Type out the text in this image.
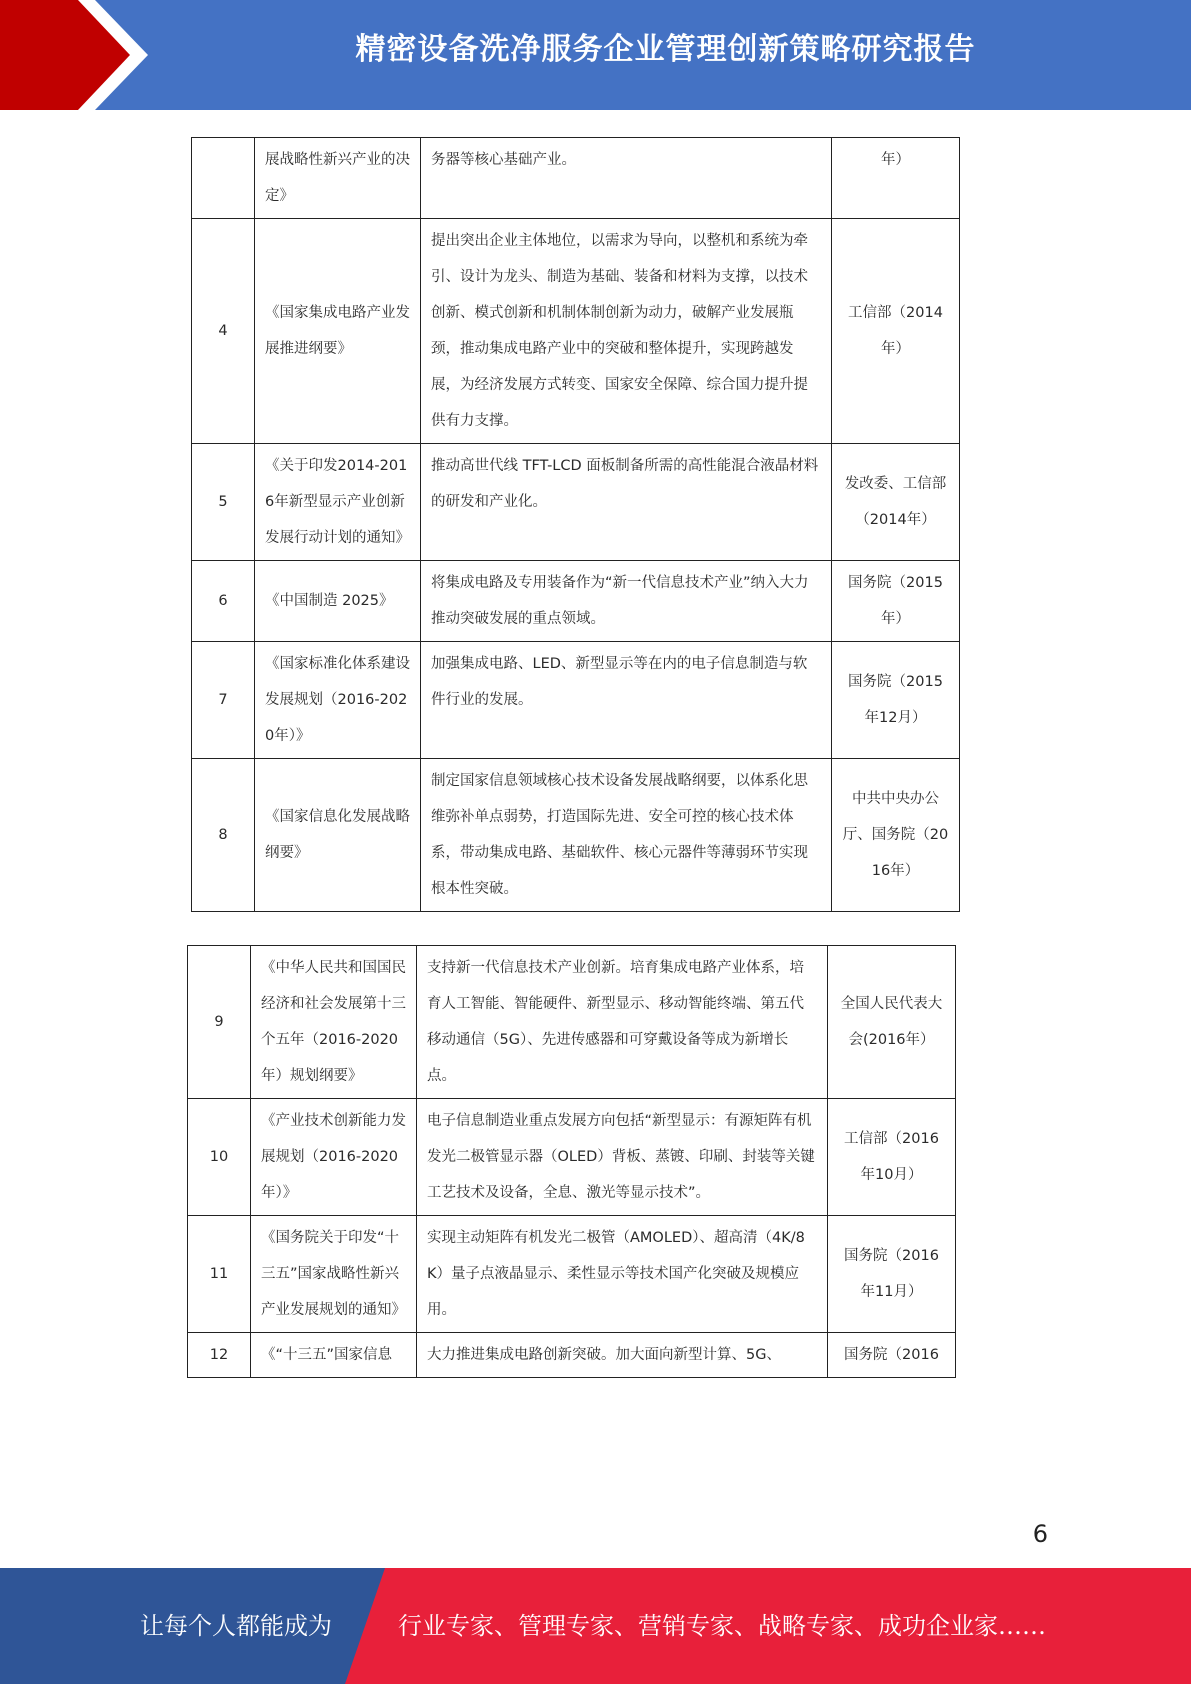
精密设备洗净服务企业管理创新策略研究报告
	展战略性新兴产业的决定》	务器等核心基础产业。	年）
4	《国家集成电路产业发展推进纲要》	提出突出企业主体地位，以需求为导向，以整机和系统为牵引、设计为龙头、制造为基础、装备和材料为支撑，以技术创新、模式创新和机制体制创新为动力，破解产业发展瓶颈，推动集成电路产业中的突破和整体提升，实现跨越发展，为经济发展方式转变、国家安全保障、综合国力提升提供有力支撑。	工信部（2014年）
5	《关于印发2014-2016年新型显示产业创新发展行动计划的通知》	推动高世代线 TFT-LCD 面板制备所需的高性能混合液晶材料的研发和产业化。	发改委、工信部（2014年）
6	《中国制造 2025》	将集成电路及专用装备作为“新一代信息技术产业”纳入大力推动突破发展的重点领域。	国务院（2015年）
7	《国家标准化体系建设发展规划（2016-2020年）》	加强集成电路、LED、新型显示等在内的电子信息制造与软件行业的发展。	国务院（2015年12月）
8	《国家信息化发展战略纲要》	制定国家信息领域核心技术设备发展战略纲要，以体系化思维弥补单点弱势，打造国际先进、安全可控的核心技术体系，带动集成电路、基础软件、核心元器件等薄弱环节实现根本性突破。	中共中央办公厅、国务院（2016年）
9	《中华人民共和国国民经济和社会发展第十三个五年（2016-2020年）规划纲要》	支持新一代信息技术产业创新。培育集成电路产业体系，培育人工智能、智能硬件、新型显示、移动智能终端、第五代移动通信（5G）、先进传感器和可穿戴设备等成为新增长点。	全国人民代表大会(2016年）
10	《产业技术创新能力发展规划（2016-2020年）》	电子信息制造业重点发展方向包括“新型显示：有源矩阵有机发光二极管显示器（OLED）背板、蒸镀、印刷、封装等关键工艺技术及设备，全息、激光等显示技术”。	工信部（2016年10月）
11	《国务院关于印发“十三五”国家战略性新兴产业发展规划的通知》	实现主动矩阵有机发光二极管（AMOLED）、超高清（4K/8K）量子点液晶显示、柔性显示等技术国产化突破及规模应用。	国务院（2016年11月）
12	《“十三五”国家信息	大力推进集成电路创新突破。加大面向新型计算、5G、	国务院（2016
6
让每个人都能成为	行业专家、管理专家、营销专家、战略专家、成功企业家……
